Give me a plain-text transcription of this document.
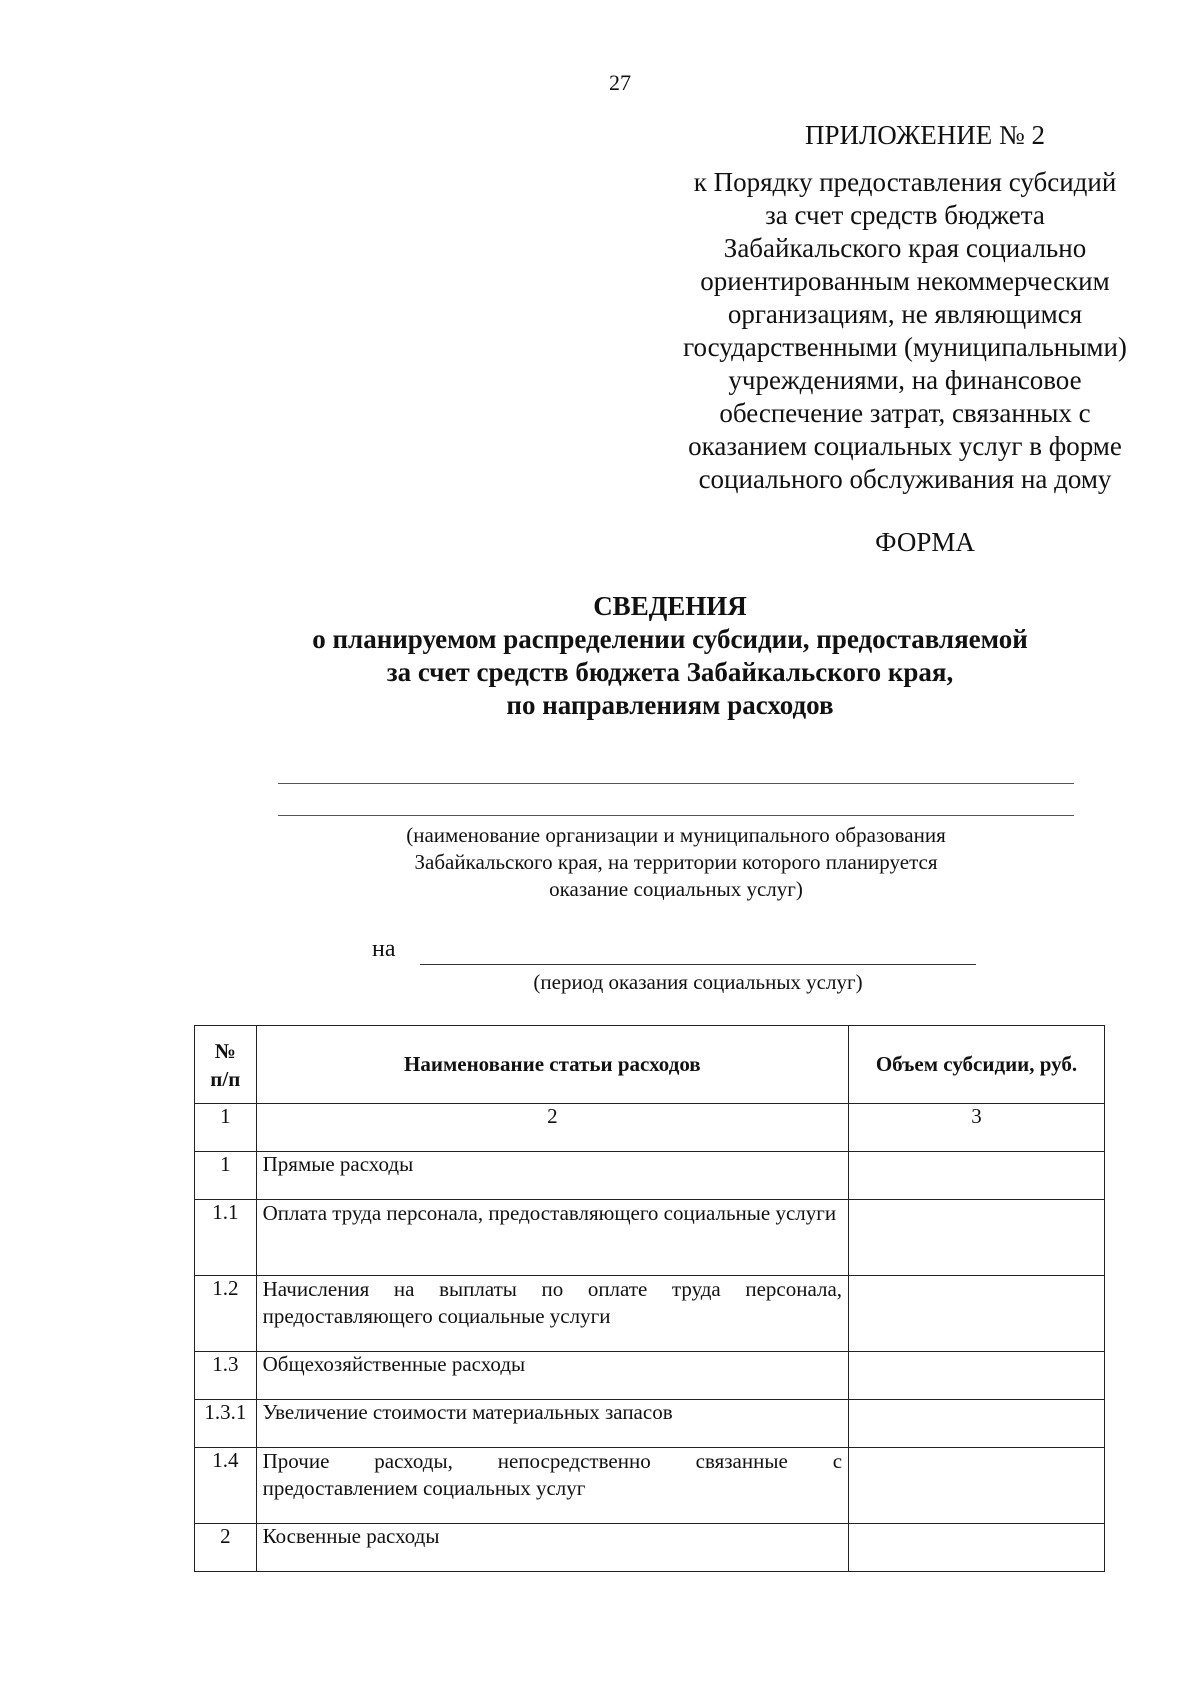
27
ПРИЛОЖЕНИЕ № 2
к Порядку предоставления субсидий
за счет средств бюджета
Забайкальского края социально
ориентированным некоммерческим
организациям, не являющимся
государственными (муниципальными)
учреждениями, на финансовое
обеспечение затрат, связанных с
оказанием социальных услуг в форме
социального обслуживания на дому
ФОРМА
СВЕДЕНИЯ
о планируемом распределении субсидии, предоставляемой
за счет средств бюджета Забайкальского края,
по направлениям расходов
(наименование организации и муниципального образования
Забайкальского края, на территории которого планируется
оказание социальных услуг)
на
(период оказания социальных услуг)
№
п/п	Наименование статьи расходов	Объем субсидии, руб.
1	2	3
1	Прямые расходы	
1.1	Оплата труда персонала, предоставляющего социальные услуги	
1.2	Начисления на выплаты по оплате труда персонала, предоставляющего социальные услуги	
1.3	Общехозяйственные расходы	
1.3.1	Увеличение стоимости материальных запасов	
1.4	Прочие расходы, непосредственно связанные с предоставлением социальных услуг	
2	Косвенные расходы	
